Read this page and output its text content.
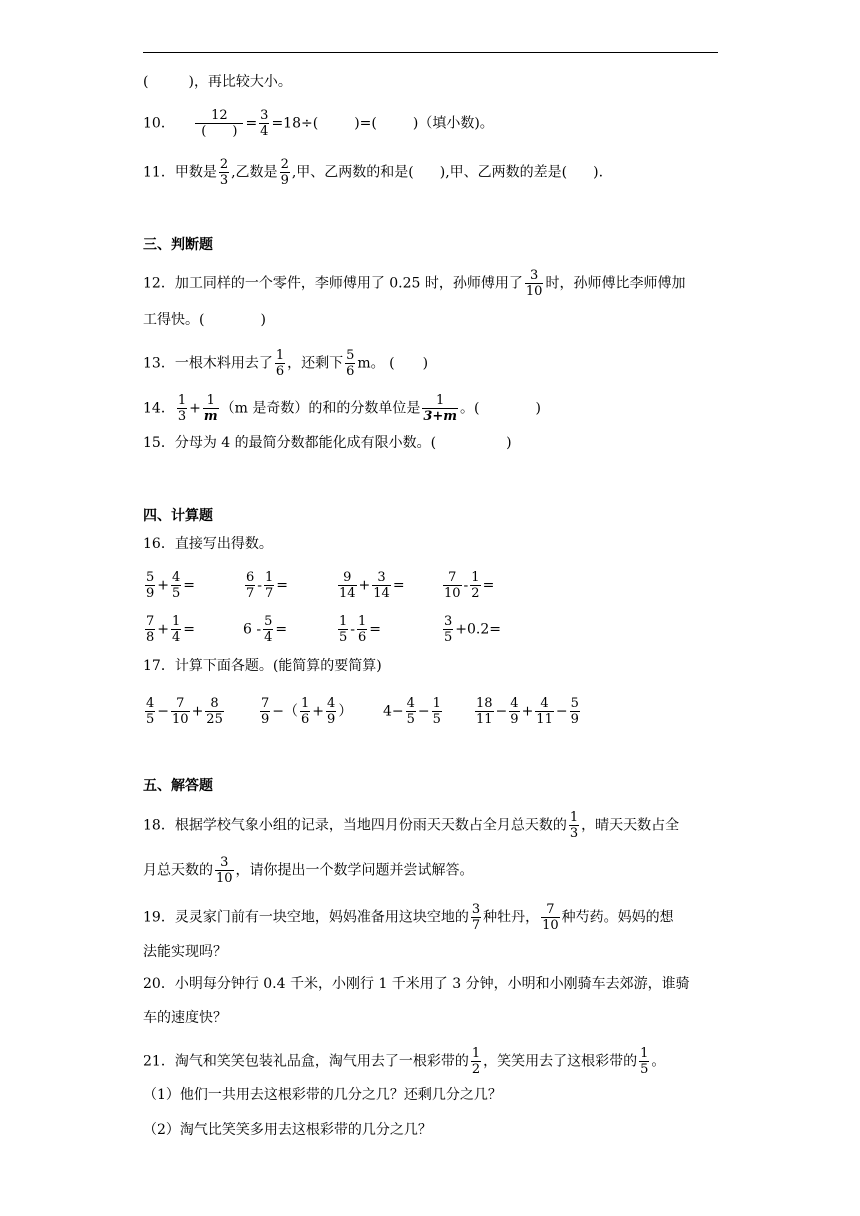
(	)，再比较大小。
10．	12
(　　) = $\frac{3}{4} =18\div$(	)=(	)（填小数)。
11．甲数是 $\frac{2}{3}$ ,乙数是 $\frac{2}{9}$ ,甲、乙两数的和是( ),甲、乙两数的差是( ).
三、判断题
12．加工同样的一个零件，李师傅用了 0.25 时，孙师傅用了 $\frac{3}{10}$ 时，孙师傅比李师傅加
工得快。(　　　　)
13．一根木料用去了 $\frac{1}{6}$ ，还剩下 $\frac{5}{6}$ m。 (　　)
14． $\frac{1}{3} + \frac{1}{m} (m$ 是奇数）的和的分数单位是 $\frac{1}{3+m}$ 。(　　　　)
15．分母为 4 的最简分数都能化成有限小数。(　　　　　)
四、计算题
16．直接写出得数。
$\frac{5}{9} + \frac{4}{5}$ =	$\frac{6}{7} - \frac{1}{7}$ =	$\frac{9}{14} + \frac{3}{14}$ =	$\frac{7}{10} - \frac{1}{2}$ =
$\frac{7}{8} + \frac{1}{4}$ =	$6 - \frac{5}{4}$ =	$\frac{1}{5} - \frac{1}{6}$ =	$\frac{3}{5} +0.2=$
17．计算下面各题。(能简算的要简算)
$\frac{4}{5} - \frac{7}{10} + \frac{8}{25}$	$\frac{7}{9}$ −（ $\frac{1}{6} + \frac{4}{9}$ ） $4- \frac{4}{5} - \frac{1}{5}$	$\frac{18}{11} - \frac{4}{9} + \frac{4}{11} - \frac{5}{9}$
五、解答题
18．根据学校气象小组的记录，当地四月份雨天天数占全月总天数的 $\frac{1}{3}$ ，晴天天数占全
月总天数的 $\frac{3}{10}$ ，请你提出一个数学问题并尝试解答。
19．灵灵家门前有一块空地，妈妈准备用这块空地的 $\frac{3}{7}$ 种牡丹， $\frac{7}{10}$ 种芍药。妈妈的想
法能实现吗？
20．小明每分钟行 0.4 千米，小刚行 1 千米用了 3 分钟，小明和小刚骑车去郊游，谁骑
车的速度快？
21．淘气和笑笑包装礼品盒，淘气用去了一根彩带的 $\frac{1}{2}$ ，笑笑用去了这根彩带的 $\frac{1}{5}$ 。
（1）他们一共用去这根彩带的几分之几？还剩几分之几？
（2）淘气比笑笑多用去这根彩带的几分之几？
